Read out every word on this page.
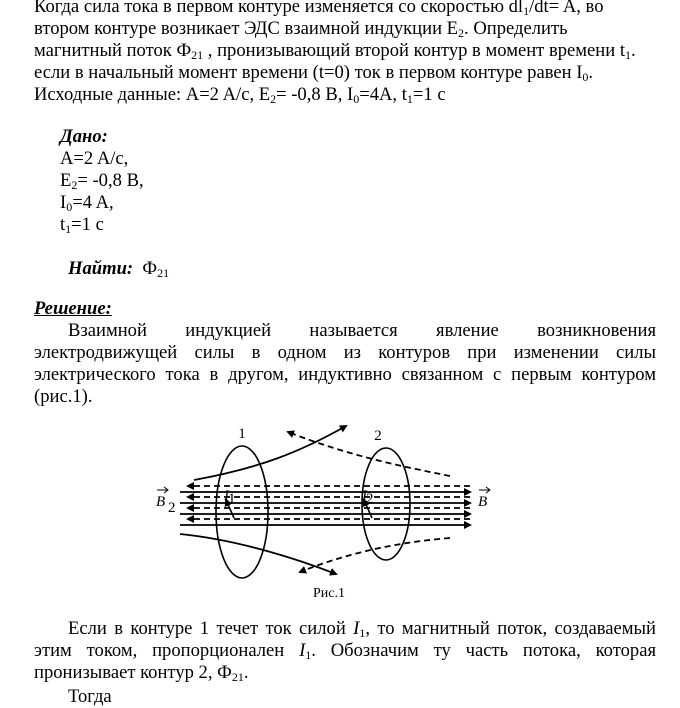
Когда сила тока в первом контуре изменяется со скоростью $dl_1/dt= A$, во
втором контуре возникает ЭДС взаимной индукции $E_2$. Определить
магнитный поток $Ф_{21}$ , пронизывающий второй контур в момент времени $t_1$.
если в начальный момент времени (t=0) ток в первом контуре равен $I_0$.
Исходные данные: A=2 A/c, $E_2= -0,8$ B, $I_0=4A$, $t_1=1$ c
Дано:
A=2 A/c,
$E_2= -0,8$ B,
$I_0=4$ A,
$t_1=1$ c
Найти: $Ф_{21}$
Решение:
Взаимной индукцией называется явление возникновения электродвижущей силы в одном из контуров при изменении силы электрического тока в другом, индуктивно связанном с первым контуром (рис.1).
1	2
B 2	B
I 1	I 2
Рис.1
Если в контуре 1 течет ток силой $I_1$, то магнитный поток, создаваемый этим током, пропорционален $I_1$. Обозначим ту часть потока, которая пронизывает контур 2, $Ф_{21}$.
Тогда
